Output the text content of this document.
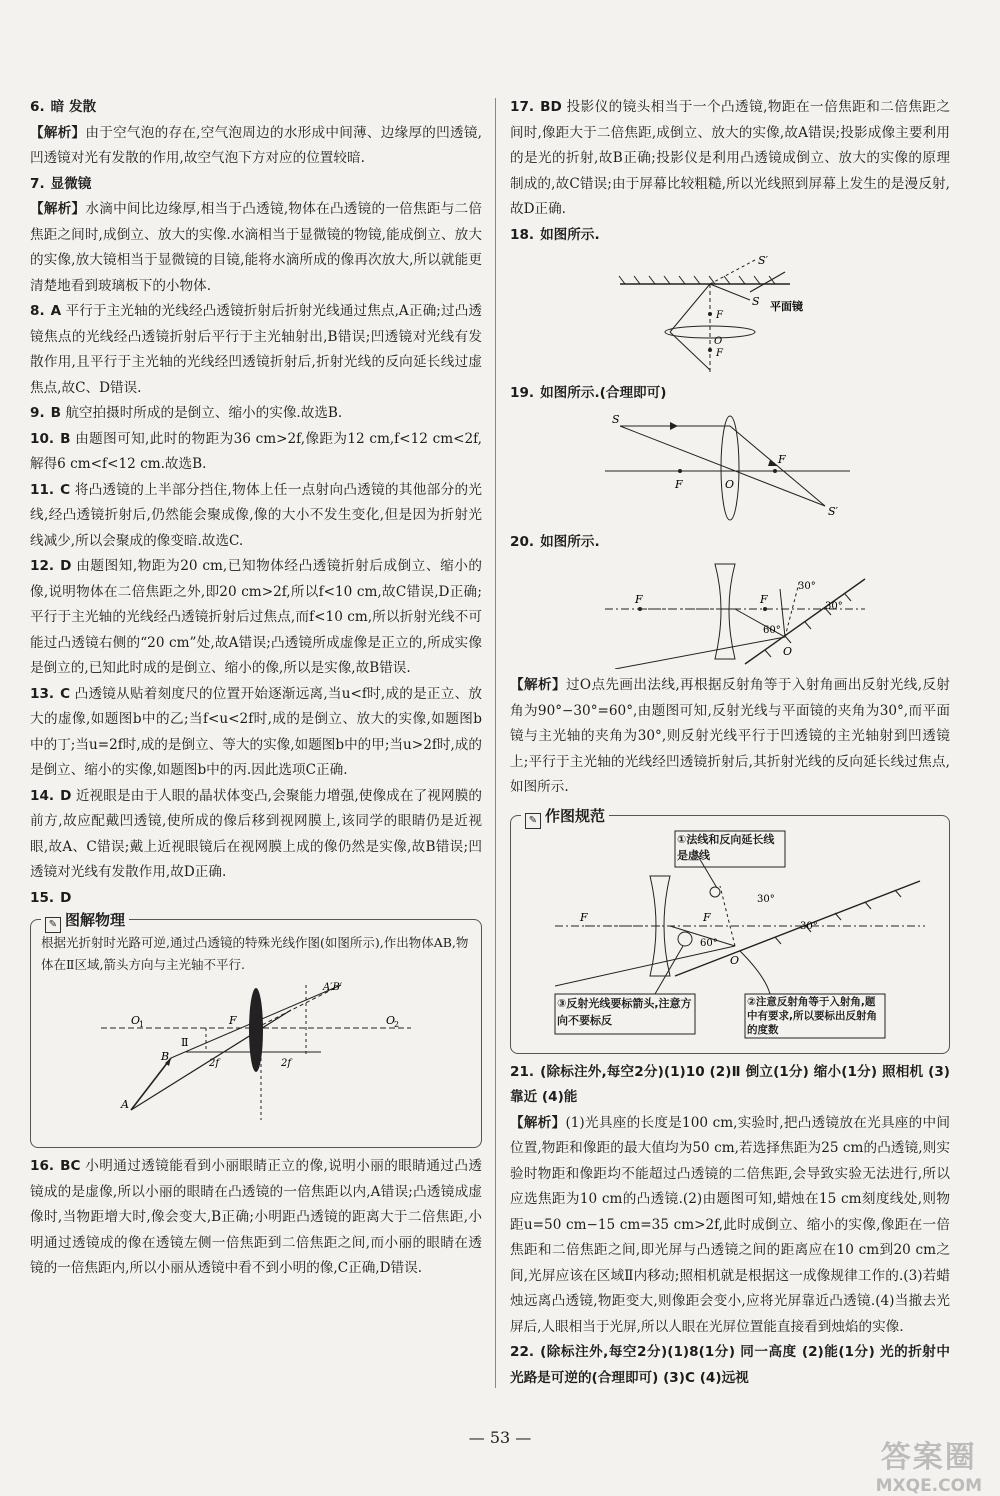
6. 暗 发散
【解析】由于空气泡的存在,空气泡周边的水形成中间薄、边缘厚的凹透镜,凹透镜对光有发散的作用,故空气泡下方对应的位置较暗.

7. 显微镜
【解析】水滴中间比边缘厚,相当于凸透镜,物体在凸透镜的一倍焦距与二倍焦距之间时,成倒立、放大的实像.水滴相当于显微镜的物镜,能成倒立、放大的实像,放大镜相当于显微镜的目镜,能将水滴所成的像再次放大,所以就能更清楚地看到玻璃板下的小物体.

8. A 平行于主光轴的光线经凸透镜折射后折射光线通过焦点,A正确;过凸透镜焦点的光线经凸透镜折射后平行于主光轴射出,B错误;凹透镜对光线有发散作用,且平行于主光轴的光线经凹透镜折射后,折射光线的反向延长线过虚焦点,故C、D错误.

9. B 航空拍摄时所成的是倒立、缩小的实像.故选B.

10. B 由题图可知,此时的物距为36 cm>2f,像距为12 cm,f<12 cm<2f,解得6 cm<f<12 cm.故选B.

11. C 将凸透镜的上半部分挡住,物体上任一点射向凸透镜的其他部分的光线,经凸透镜折射后,仍然能会聚成像,像的大小不发生变化,但是因为折射光线减少,所以会聚成的像变暗.故选C.

12. D 由题图知,物距为20 cm,已知物体经凸透镜折射后成倒立、缩小的像,说明物体在二倍焦距之外,即20 cm>2f,所以f<10 cm,故C错误,D正确;平行于主光轴的光线经凸透镜折射后过焦点,而f<10 cm,所以折射光线不可能过凸透镜右侧的“20 cm”处,故A错误;凸透镜所成虚像是正立的,所成实像是倒立的,已知此时成的是倒立、缩小的像,所以是实像,故B错误.

13. C 凸透镜从贴着刻度尺的位置开始逐渐远离,当u<f时,成的是正立、放大的虚像,如题图b中的乙;当f<u<2f时,成的是倒立、放大的实像,如题图b中的丁;当u=2f时,成的是倒立、等大的实像,如题图b中的甲;当u>2f时,成的是倒立、缩小的实像,如题图b中的丙.因此选项C正确.

14. D 近视眼是由于人眼的晶状体变凸,会聚能力增强,使像成在了视网膜的前方,故应配戴凹透镜,使所成的像后移到视网膜上,该同学的眼睛仍是近视眼,故A、C错误;戴上近视眼镜后在视网膜上成的像仍然是实像,故B错误;凹透镜对光线有发散作用,故D正确.

15. D

✎ 图解物理

根据光折射时光路可逆,通过凸透镜的特殊光线作图(如图所示),作出物体AB,物体在Ⅱ区域,箭头方向与主光轴不平行.

O
1	O
2
F
A
B
Ⅱ
A′B′
2f	2f

16. BC 小明通过透镜能看到小丽眼睛正立的像,说明小丽的眼睛通过凸透镜成的是虚像,所以小丽的眼睛在凸透镜的一倍焦距以内,A错误;凸透镜成虚像时,当物距增大时,像会变大,B正确;小明距凸透镜的距离大于二倍焦距,小明通过透镜成的像在透镜左侧一倍焦距到二倍焦距之间,而小丽的眼睛在透镜的一倍焦距内,所以小丽从透镜中看不到小明的像,C正确,D错误.

17. BD 投影仪的镜头相当于一个凸透镜,物距在一倍焦距和二倍焦距之间时,像距大于二倍焦距,成倒立、放大的实像,故A错误;投影成像主要利用的是光的折射,故B正确;投影仪是利用凸透镜成倒立、放大的实像的原理制成的,故C错误;由于屏幕比较粗糙,所以光线照到屏幕上发生的是漫反射,故D正确.

18. 如图所示.

S′
S 平面镜
F
O
F

19. 如图所示.(合理即可)

S
F	O
F
S′

20. 如图所示.

F	F
O
30°
30°
60°

【解析】过O点先画出法线,再根据反射角等于入射角画出反射光线,反射角为90°−30°=60°,由题图可知,反射光线与平面镜的夹角为30°,而平面镜与主光轴的夹角为30°,则反射光线平行于凹透镜的主光轴射到凹透镜上;平行于主光轴的光线经凹透镜折射后,其折射光线的反向延长线过焦点,如图所示.

✎ 作图规范
①法线和反向延长线是虚线
F	F
O
30°
30°
60°
③反射光线要标箭头,注意方向不要标反
②注意反射角等于入射角,题中有要求,所以要标出反射角的度数

21. (除标注外,每空2分)(1)10 (2)Ⅱ 倒立(1分) 缩小(1分) 照相机 (3)靠近 (4)能

【解析】(1)光具座的长度是100 cm,实验时,把凸透镜放在光具座的中间位置,物距和像距的最大值均为50 cm,若选择焦距为25 cm的凸透镜,则实验时物距和像距均不能超过凸透镜的二倍焦距,会导致实验无法进行,所以应选焦距为10 cm的凸透镜.(2)由题图可知,蜡烛在15 cm刻度线处,则物距u=50 cm−15 cm=35 cm>2f,此时成倒立、缩小的实像,像距在一倍焦距和二倍焦距之间,即光屏与凸透镜之间的距离应在10 cm到20 cm之间,光屏应该在区域Ⅱ内移动;照相机就是根据这一成像规律工作的.(3)若蜡烛远离凸透镜,物距变大,则像距会变小,应将光屏靠近凸透镜.(4)当撤去光屏后,人眼相当于光屏,所以人眼在光屏位置能直接看到烛焰的实像.

22. (除标注外,每空2分)(1)8(1分) 同一高度 (2)能(1分) 光的折射中光路是可逆的(合理即可) (3)C (4)远视

— 53 —
答案圈
MXQE.COM
